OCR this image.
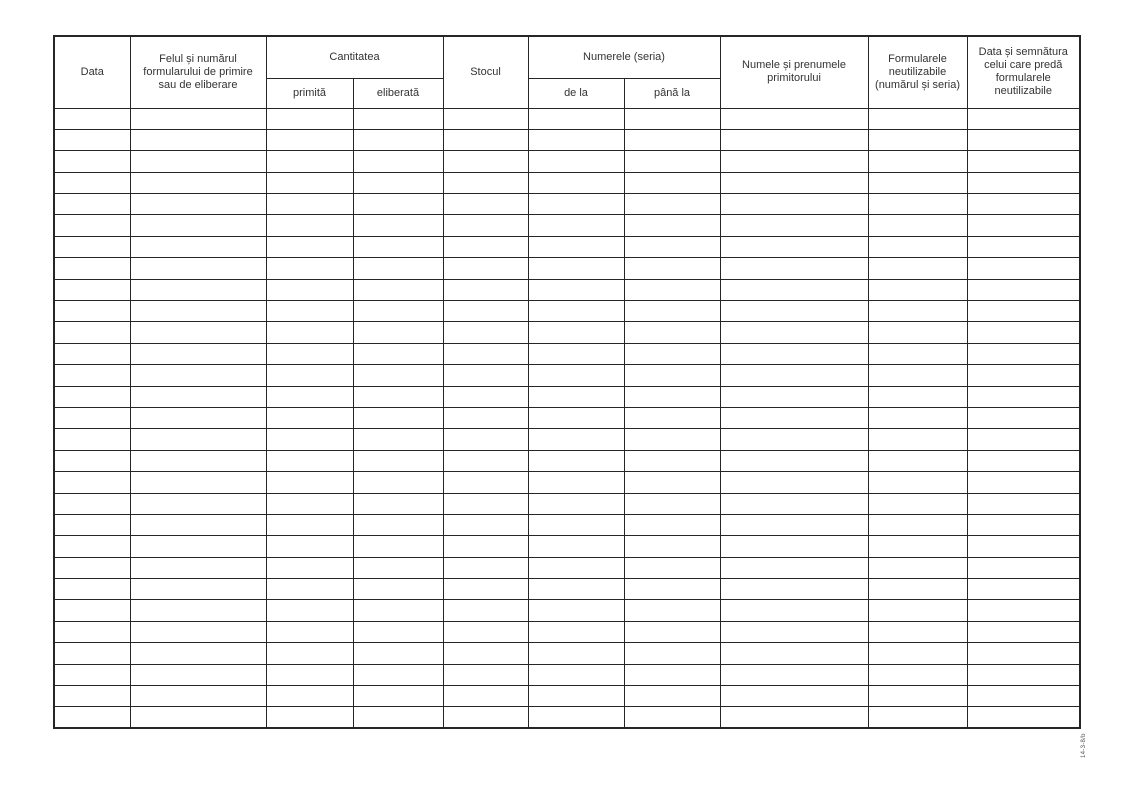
Data	Felul și numărul formularului de primire sau de eliberare	Cantitatea		Stocul	Numerele (seria)		Numele și prenumele primitorului	Formularele neutilizabile (numărul și seria)	Data și semnătura celui care predă formularele neutilizabile
		primită	eliberată		de la	până la			

14-3-8/b
